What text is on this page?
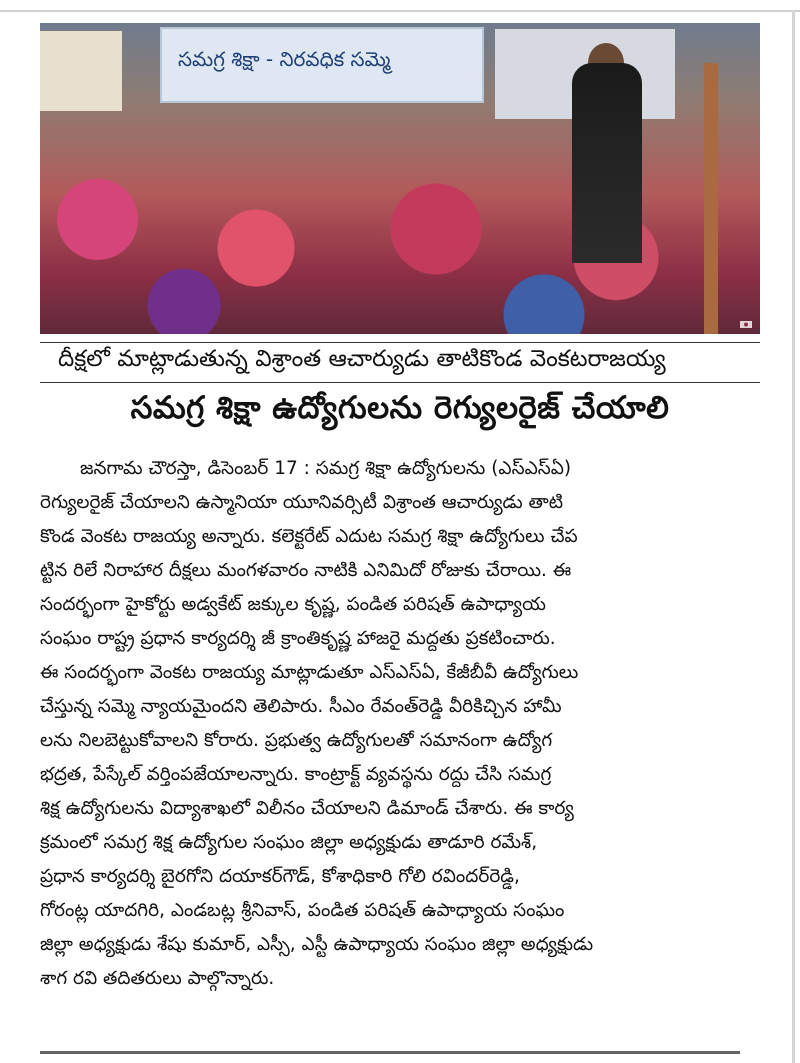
సమగ్ర శిక్షా - నిరవధిక సమ్మె
దీక్షలో మాట్లాడుతున్న విశ్రాంత ఆచార్యుడు తాటికొండ వెంకటరాజయ్య
సమగ్ర శిక్షా ఉద్యోగులను రెగ్యులరైజ్ చేయాలి
జనగామ చౌరస్తా, డిసెంబర్ 17 : సమగ్ర శిక్షా ఉద్యోగులను (ఎస్ఎస్ఏ)
రెగ్యులరైజ్ చేయాలని ఉస్మానియా యూనివర్సిటీ విశ్రాంత ఆచార్యుడు తాటి
కొండ వెంకట రాజయ్య అన్నారు. కలెక్టరేట్ ఎదుట సమగ్ర శిక్షా ఉద్యోగులు చేప
ట్టిన రిలే నిరాహార దీక్షలు మంగళవారం నాటికి ఎనిమిదో రోజుకు చేరాయి. ఈ
సందర్భంగా హైకోర్టు అడ్వకేట్ జక్కుల కృష్ణ, పండిత పరిషత్ ఉపాధ్యాయ
సంఘం రాష్ట్ర ప్రధాన కార్యదర్శి జీ క్రాంతికృష్ణ హాజరై మద్దతు ప్రకటించారు.
ఈ సందర్భంగా వెంకట రాజయ్య మాట్లాడుతూ ఎస్ఎస్ఏ, కేజీబీవీ ఉద్యోగులు
చేస్తున్న సమ్మె న్యాయమైందని తెలిపారు. సీఎం రేవంత్‌రెడ్డి వీరికిచ్చిన హామీ
లను నిలబెట్టుకోవాలని కోరారు. ప్రభుత్వ ఉద్యోగులతో సమానంగా ఉద్యోగ
భద్రత, పేస్కేల్ వర్తింపజేయాలన్నారు. కాంట్రాక్ట్ వ్యవస్థను రద్దు చేసి సమగ్ర
శిక్ష ఉద్యోగులను విద్యాశాఖలో విలీనం చేయాలని డిమాండ్ చేశారు. ఈ కార్య
క్రమంలో సమగ్ర శిక్ష ఉద్యోగుల సంఘం జిల్లా అధ్యక్షుడు తాడూరి రమేశ్,
ప్రధాన కార్యదర్శి బైరగోని దయాకర్‌గౌడ్, కోశాధికారి గోలి రవిందర్‌రెడ్డి,
గోరంట్ల యాదగిరి, ఎండబట్ల శ్రీనివాస్, పండిత పరిషత్ ఉపాధ్యాయ సంఘం
జిల్లా అధ్యక్షుడు శేషు కుమార్, ఎస్సీ, ఎస్టీ ఉపాధ్యాయ సంఘం జిల్లా అధ్యక్షుడు
శాగ రవి తదితరులు పాల్గొన్నారు.
